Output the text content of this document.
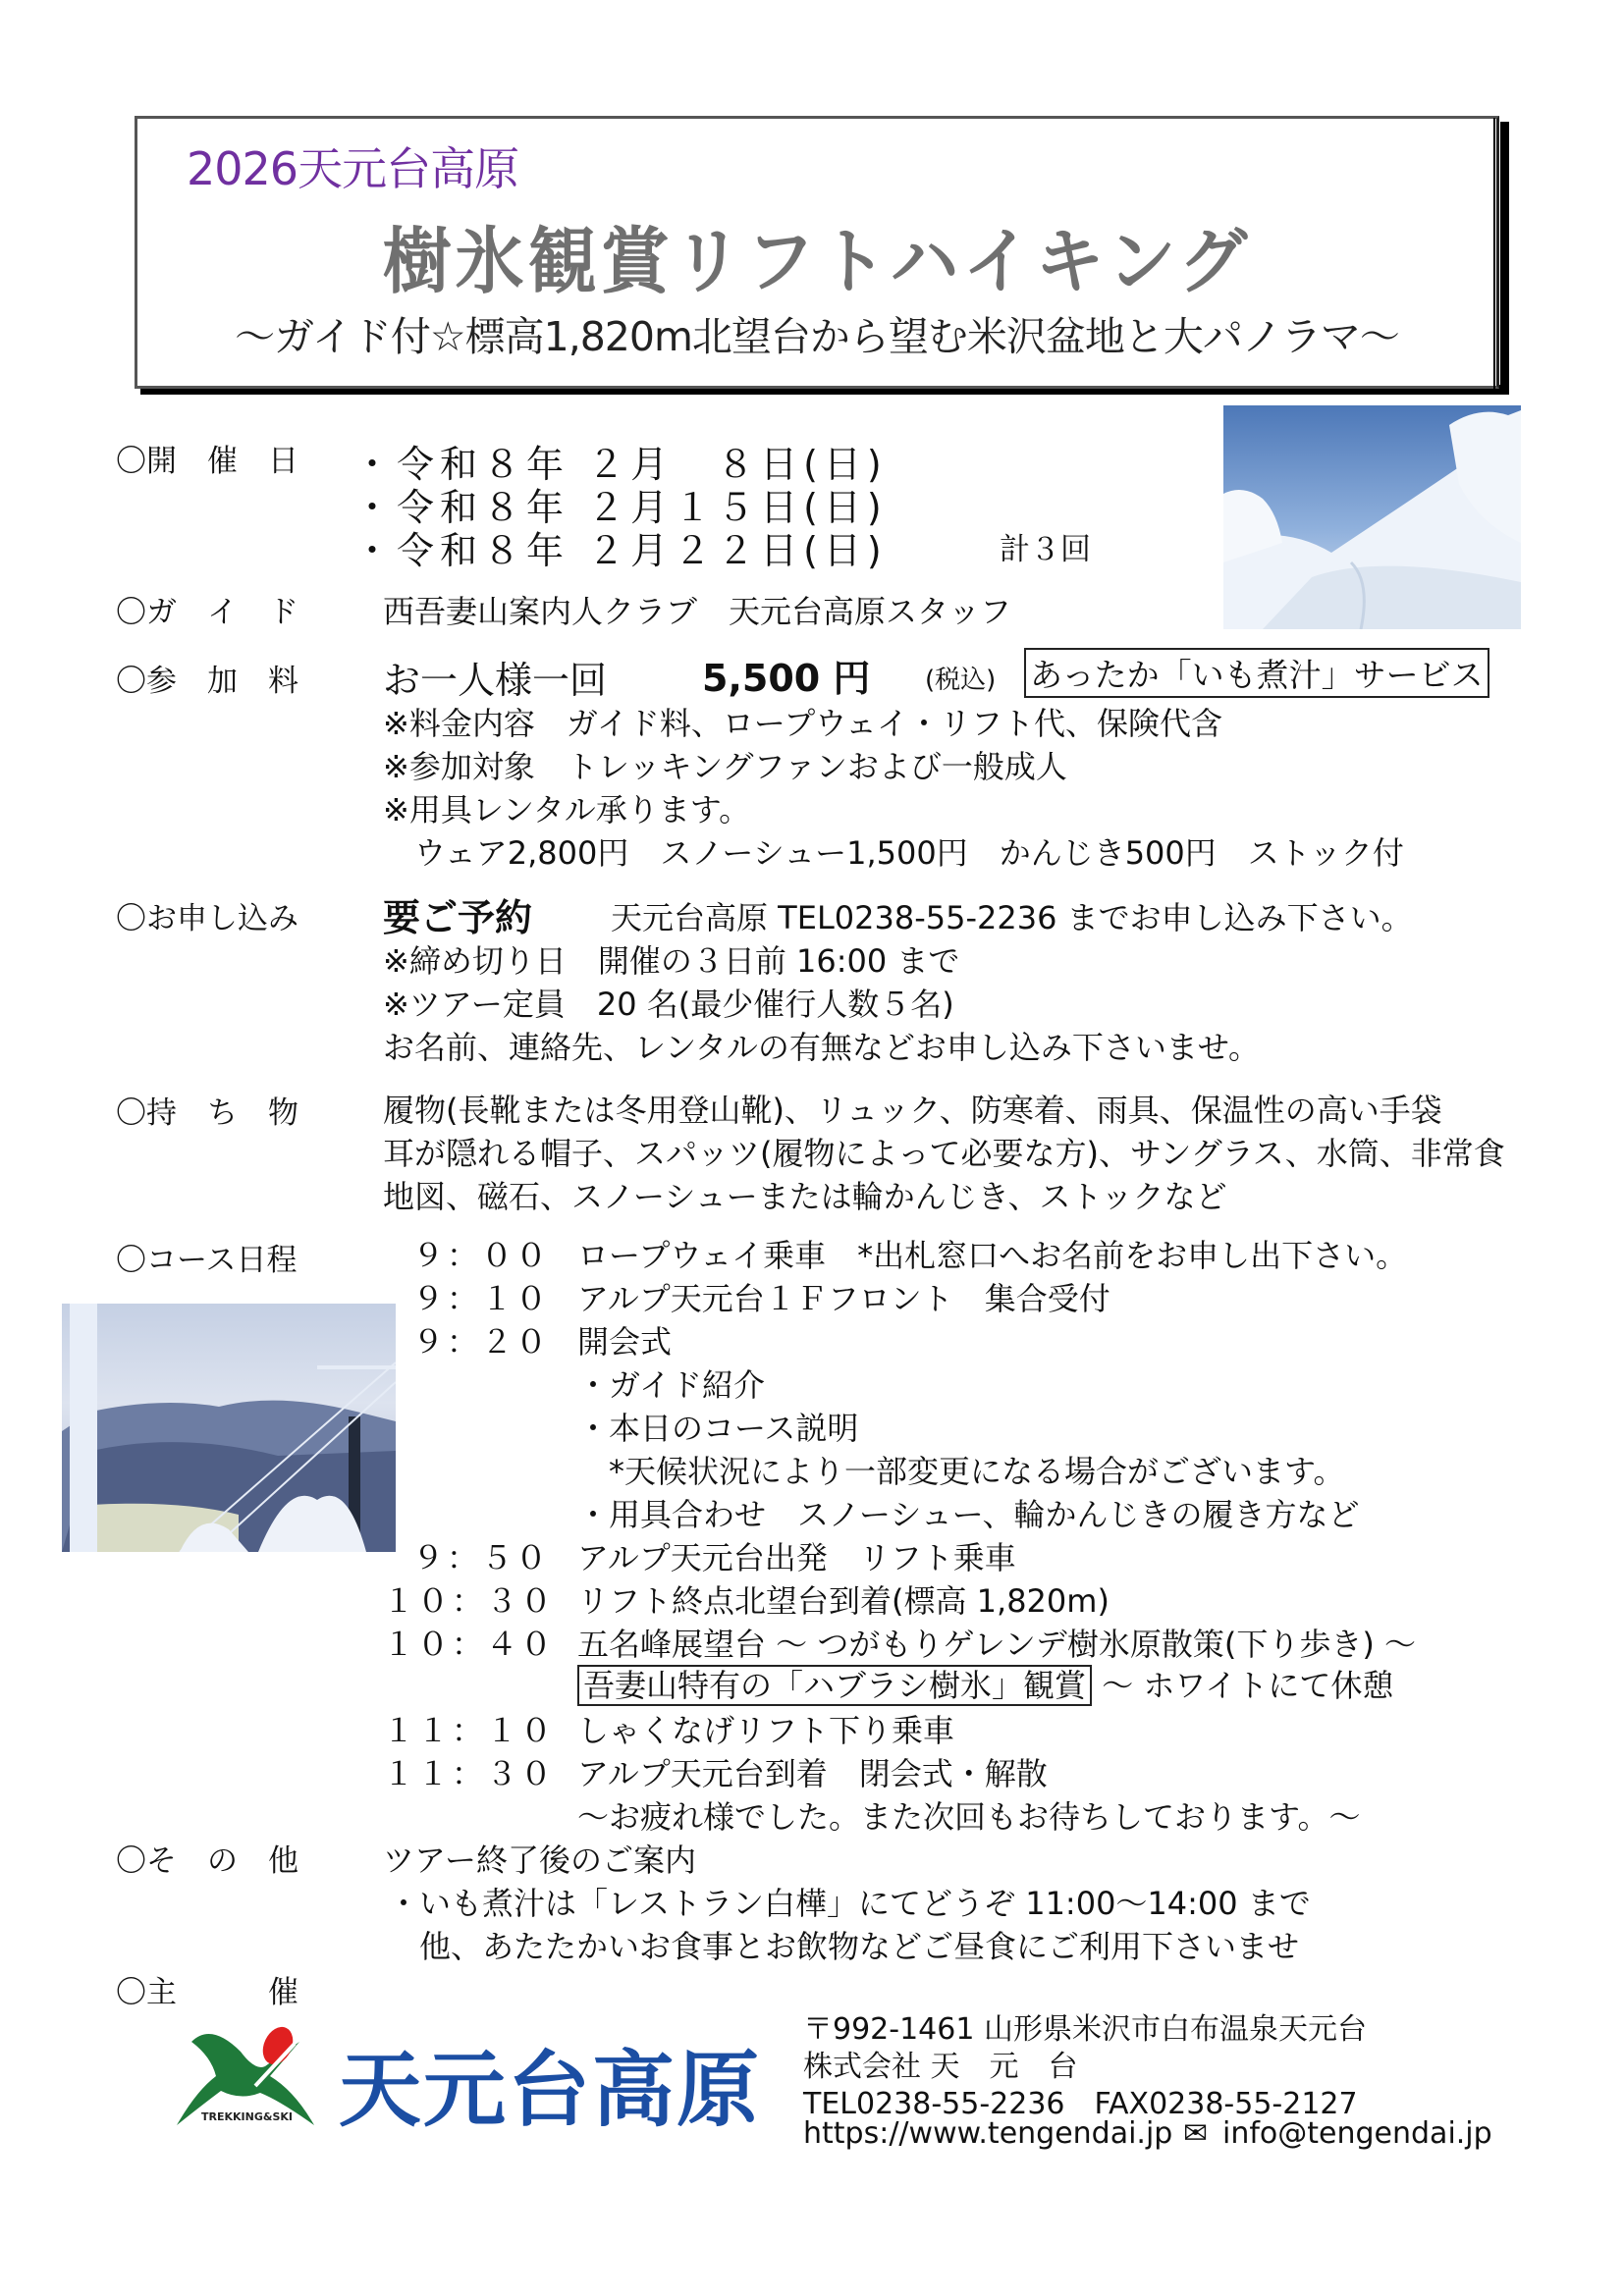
2026天元台高原
樹氷観賞リフトハイキング
～ガイド付☆標高1,820m北望台から望む米沢盆地と大パノラマ～
〇開　催　日 ・令和８年 ２月　８日(日)
・令和８年 ２月１５日(日)
・令和８年 ２月２２日(日)	計３回
〇ガ　イ　ド	西吾妻山案内人クラブ　天元台高原スタッフ
〇参　加　料 お一人様一回	5,500 円 (税込) あったか「いも煮汁」サービス
※料金内容　ガイド料、ロープウェイ・リフト代、保険代含
※参加対象　トレッキングファンおよび一般成人
※用具レンタル承ります。
ウェア2,800円　スノーシュー1,500円　かんじき500円　ストック付
〇お申し込み 要ご予約 天元台高原 TEL0238-55-2236 までお申し込み下さい。
※締め切り日　開催の３日前 16:00 まで
※ツアー定員　20 名(最少催行人数５名)
お名前、連絡先、レンタルの有無などお申し込み下さいませ。
〇持　ち　物	履物(長靴または冬用登山靴)、リュック、防寒着、雨具、保温性の高い手袋
耳が隠れる帽子、スパッツ(履物によって必要な方)、サングラス、水筒、非常食
地図、磁石、スノーシューまたは輪かんじき、ストックなど
〇コース日程	９：００ ロープウェイ乗車　*出札窓口へお名前をお申し出下さい。
９：１０ アルプ天元台１Ｆフロント　集合受付
９：２０ 開会式
・ガイド紹介
・本日のコース説明
　*天候状況により一部変更になる場合がございます。
・用具合わせ　スノーシュー、輪かんじきの履き方など
９：５０ アルプ天元台出発　リフト乗車
１０：３０ リフト終点北望台到着(標高 1,820m)
１０：４０ 五名峰展望台 ～ つがもりゲレンデ樹氷原散策(下り歩き) ～
吾妻山特有の「ハブラシ樹氷」観賞 ～ ホワイトにて休憩
１１：１０ しゃくなげリフト下り乗車
１１：３０ アルプ天元台到着　閉会式・解散
～お疲れ様でした。また次回もお待ちしております。～
〇そ　の　他	ツアー終了後のご案内
・いも煮汁は「レストラン白樺」にてどうぞ 11:00～14:00 まで
　他、あたたかいお食事とお飲物などご昼食にご利用下さいませ
〇主　　　催
TREKKING&SKI 天元台高原
〒992-1461 山形県米沢市白布温泉天元台
株式会社 天　元　台
TEL0238-55-2236　FAX0238-55-2127
https://www.tengendai.jp ✉ info@tengendai.jp
